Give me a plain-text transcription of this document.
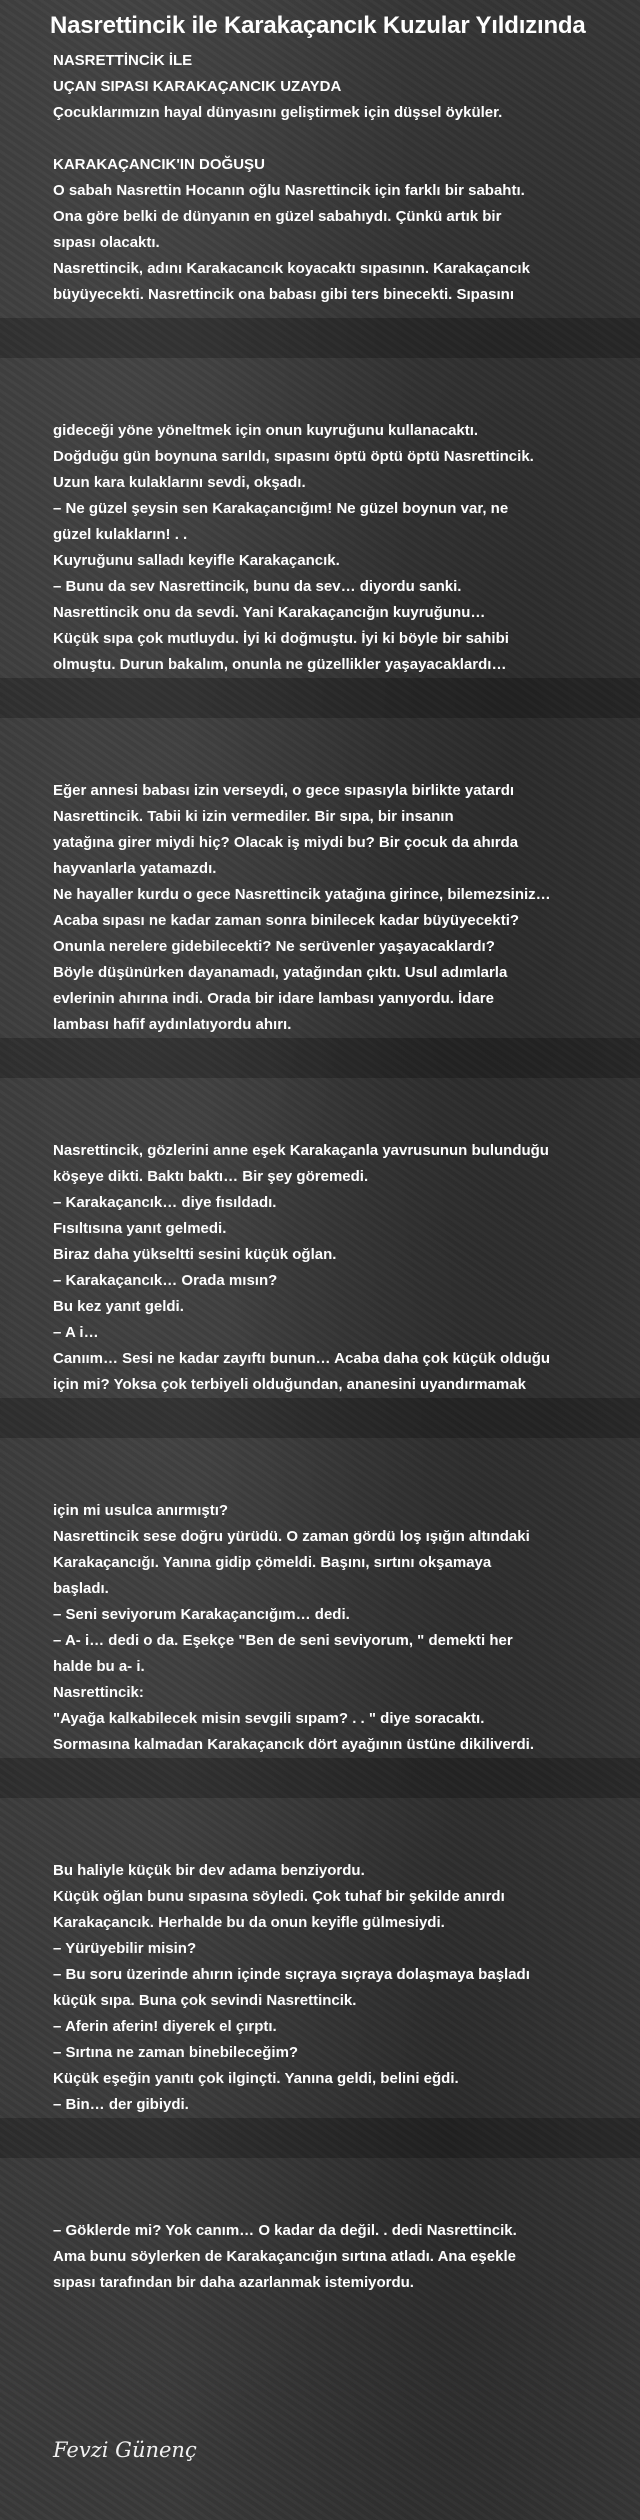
Nasrettincik ile Karakaçancık Kuzular Yıldızında
NASRETTİNCİK İLE
UÇAN SIPASI KARAKAÇANCIK UZAYDA
Çocuklarımızın hayal dünyasını geliştirmek için düşsel öyküler.
KARAKAÇANCIK'IN DOĞUŞU
O sabah Nasrettin Hocanın oğlu Nasrettincik için farklı bir sabahtı.
Ona göre belki de dünyanın en güzel sabahıydı. Çünkü artık bir
sıpası olacaktı.
Nasrettincik, adını Karakacancık koyacaktı sıpasının. Karakaçancık
büyüyecekti. Nasrettincik ona babası gibi ters binecekti. Sıpasını
gideceği yöne yöneltmek için onun kuyruğunu kullanacaktı.
Doğduğu gün boynuna sarıldı, sıpasını öptü öptü öptü Nasrettincik.
Uzun kara kulaklarını sevdi, okşadı.
– Ne güzel şeysin sen Karakaçancığım! Ne güzel boynun var, ne
güzel kulakların! . .
Kuyruğunu salladı keyifle Karakaçancık.
– Bunu da sev Nasrettincik, bunu da sev… diyordu sanki.
Nasrettincik onu da sevdi. Yani Karakaçancığın kuyruğunu…
Küçük sıpa çok mutluydu. İyi ki doğmuştu. İyi ki böyle bir sahibi
olmuştu. Durun bakalım, onunla ne güzellikler yaşayacaklardı…
Eğer annesi babası izin verseydi, o gece sıpasıyla birlikte yatardı
Nasrettincik. Tabii ki izin vermediler. Bir sıpa, bir insanın
yatağına girer miydi hiç? Olacak iş miydi bu? Bir çocuk da ahırda
hayvanlarla yatamazdı.
Ne hayaller kurdu o gece Nasrettincik yatağına girince, bilemezsiniz…
Acaba sıpası ne kadar zaman sonra binilecek kadar büyüyecekti?
Onunla nerelere gidebilecekti? Ne serüvenler yaşayacaklardı?
Böyle düşünürken dayanamadı, yatağından çıktı. Usul adımlarla
evlerinin ahırına indi. Orada bir idare lambası yanıyordu. İdare
lambası hafif aydınlatıyordu ahırı.
Nasrettincik, gözlerini anne eşek Karakaçanla yavrusunun bulunduğu
köşeye dikti. Baktı baktı… Bir şey göremedi.
– Karakaçancık… diye fısıldadı.
Fısıltısına yanıt gelmedi.
Biraz daha yükseltti sesini küçük oğlan.
– Karakaçancık… Orada mısın?
Bu kez yanıt geldi.
– A i…
Canıım… Sesi ne kadar zayıftı bunun… Acaba daha çok küçük olduğu
için mi? Yoksa çok terbiyeli olduğundan, ananesini uyandırmamak
için mi usulca anırmıştı?
Nasrettincik sese doğru yürüdü. O zaman gördü loş ışığın altındaki
Karakaçancığı. Yanına gidip çömeldi. Başını, sırtını okşamaya
başladı.
– Seni seviyorum Karakaçancığım… dedi.
– A- i… dedi o da. Eşekçe "Ben de seni seviyorum, " demekti her
halde bu a- i.
Nasrettincik:
"Ayağa kalkabilecek misin sevgili sıpam? . . " diye soracaktı.
Sormasına kalmadan Karakaçancık dört ayağının üstüne dikiliverdi.
Bu haliyle küçük bir dev adama benziyordu.
Küçük oğlan bunu sıpasına söyledi. Çok tuhaf bir şekilde anırdı
Karakaçancık. Herhalde bu da onun keyifle gülmesiydi.
– Yürüyebilir misin?
– Bu soru üzerinde ahırın içinde sıçraya sıçraya dolaşmaya başladı
küçük sıpa. Buna çok sevindi Nasrettincik.
– Aferin aferin! diyerek el çırptı.
– Sırtına ne zaman binebileceğim?
Küçük eşeğin yanıtı çok ilginçti. Yanına geldi, belini eğdi.
– Bin… der gibiydi.
– Göklerde mi? Yok canım… O kadar da değil. . dedi Nasrettincik.
Ama bunu söylerken de Karakaçancığın sırtına atladı. Ana eşekle
sıpası tarafından bir daha azarlanmak istemiyordu.
Fevzi Günenç
